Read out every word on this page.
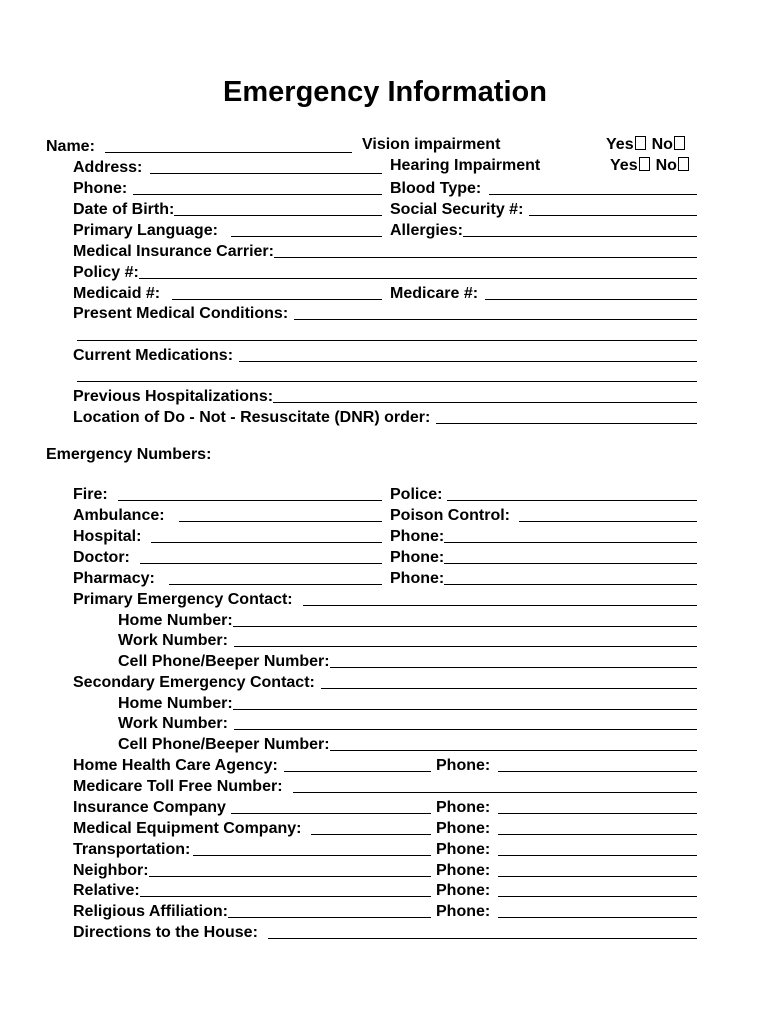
Emergency Information
Name:	Vision impairment	Yes No
Address:	Hearing Impairment	Yes No
Phone:	Blood Type:
Date of Birth:	Social Security #:
Primary Language:	Allergies:
Medical Insurance Carrier:
Policy #:
Medicaid #:	Medicare #:
Present Medical Conditions:
Current Medications:
Previous Hospitalizations:
Location of Do - Not - Resuscitate (DNR) order:
Emergency Numbers:
Fire:	Police:
Ambulance:	Poison Control:
Hospital:	Phone:
Doctor:	Phone:
Pharmacy:	Phone:
Primary Emergency Contact:
Home Number:
Work Number:
Cell Phone/Beeper Number:
Secondary Emergency Contact:
Home Number:
Work Number:
Cell Phone/Beeper Number:
Home Health Care Agency:	Phone:
Medicare Toll Free Number:
Insurance Company	Phone:
Medical Equipment Company:	Phone:
Transportation:	Phone:
Neighbor:	Phone:
Relative:	Phone:
Religious Affiliation:	Phone:
Directions to the House:
